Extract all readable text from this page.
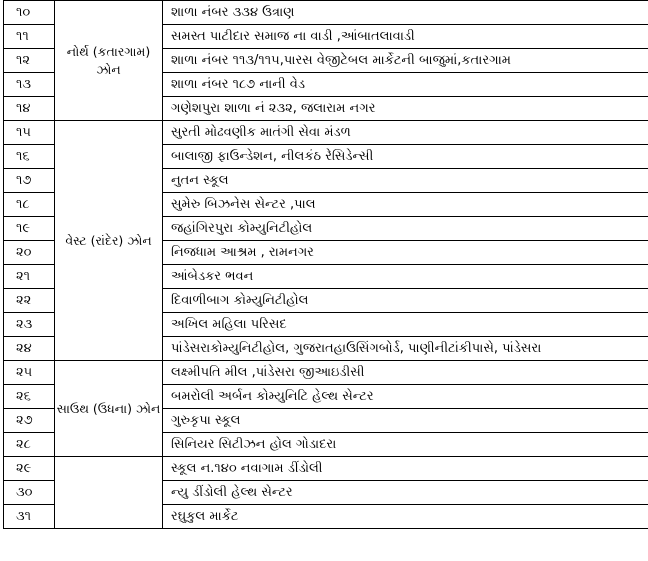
૧૦	નોર્થ (કતારગામ) ઝોન	શાળા નંબર ૩૩૪ ઉત્રાણ
૧૧		સમસ્ત પાટીદાર સમાજ ના વાડી ,આંબાતલાવાડી
૧૨		શાળા નંબર ૧૧૩/૧૧૫,પારસ વેજીટેબલ માર્કેટની બાજુમાં,કતારગામ
૧૩		શાળા નંબર ૧૮૭ નાની વેડ
૧૪		ગણેશપુરા શાળા નં ૨૩૨, જલારામ નગર
૧૫	વેસ્ટ (રાંદેર) ઝોન	સુરતી મોઢવણીક માતંગી સેવા મંડળ
૧૬		બાલાજી ફાઉન્ડેશન, નીલકંઠ રેસિડેન્સી
૧૭		નુતન સ્કૂલ
૧૮		સુમેરુ બિઝનેસ સેન્ટર ,પાલ
૧૯		જહાંગિરપુરા કોમ્યુનિટીહોલ
૨૦		નિજધામ આશ્રમ , રામનગર
૨૧		આંબેડકર ભવન
૨૨		દિવાળીબાગ કોમ્યુનિટીહોલ
૨૩		અખિલ મહિલા પરિસદ
૨૪		પાંડેસરાકોમ્યુનિટીહોલ, ગુજરાતહાઉસિંગબોર્ડ, પાણીનીટાંકીપાસે, પાંડેસરા
૨૫	સાઉથ (ઉધના) ઝોન	લક્ષ્મીપતિ મીલ ,પાંડેસરા જીઆઇડીસી
૨૬		બમરોલી અર્બન કોમ્યુનિટિ હેલ્થ સેન્ટર
૨૭		ગુરુકૃપા સ્કૂલ
૨૮		સિનિયર સિટીઝન હોલ ગોડાદરા
૨૯		સ્કૂલ ન.૧૪૦ નવાગામ ડીંડોલી
૩૦		ન્યુ ડીંડોલી હેલ્થ સેન્ટર
૩૧		રઘુકુલ માર્કેટ
